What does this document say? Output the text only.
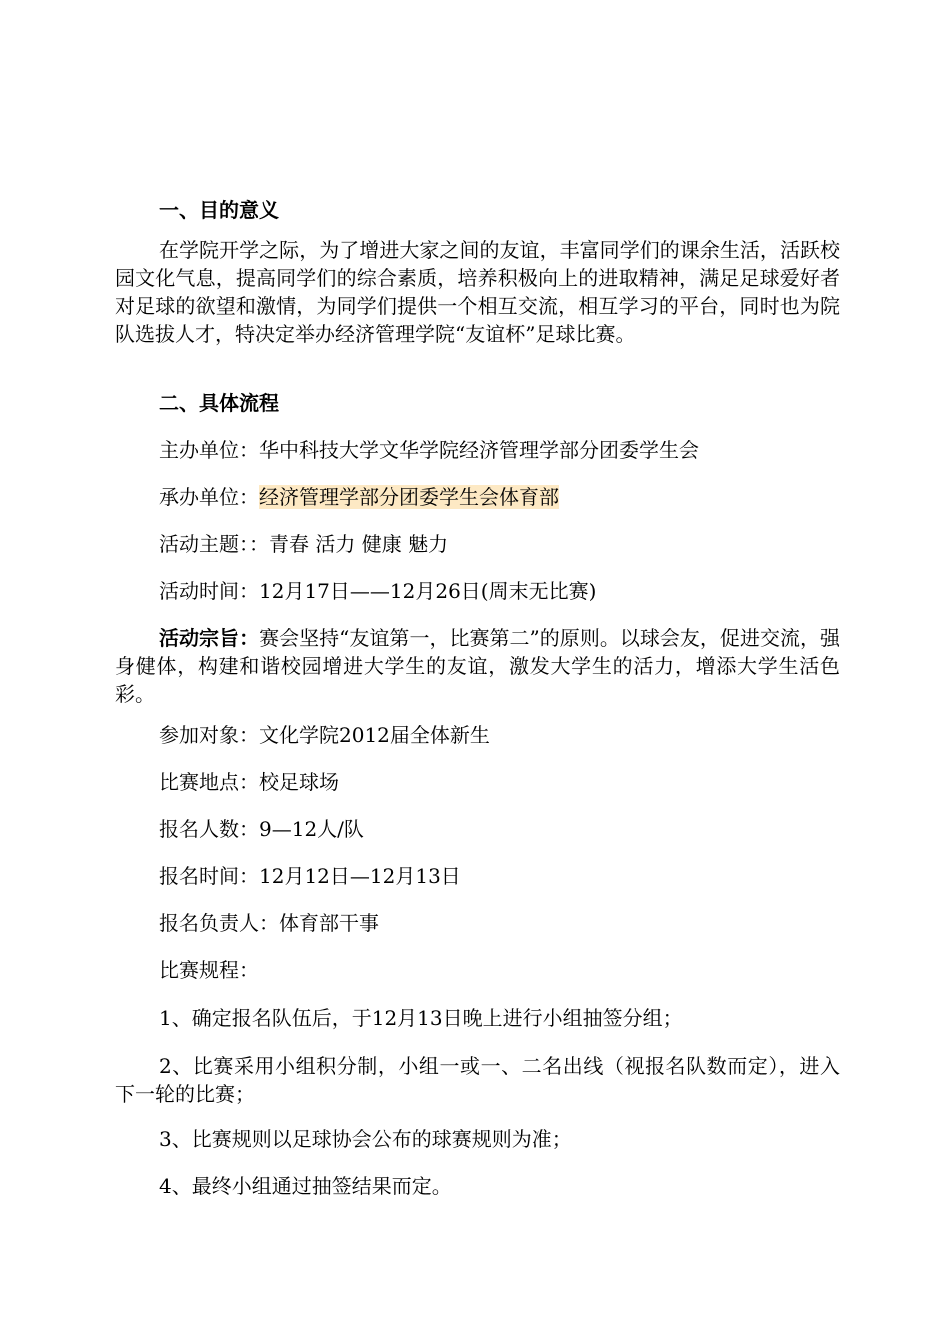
一、目的意义

在学院开学之际，为了增进大家之间的友谊，丰富同学们的课余生活，活跃校园文化气息，提高同学们的综合素质，培养积极向上的进取精神，满足足球爱好者对足球的欲望和激情，为同学们提供一个相互交流，相互学习的平台，同时也为院队选拔人才，特决定举办经济管理学院“友谊杯”足球比赛。

二、具体流程

主办单位：华中科技大学文华学院经济管理学部分团委学生会

承办单位：经济管理学部分团委学生会体育部

活动主题：：青春 活力 健康 魅力

活动时间：12月17日——12月26日(周末无比赛)

活动宗旨：赛会坚持“友谊第一，比赛第二”的原则。以球会友，促进交流，强身健体，构建和谐校园增进大学生的友谊，激发大学生的活力，增添大学生活色彩。

参加对象：文化学院2012届全体新生

比赛地点：校足球场

报名人数：9—12人/队

报名时间：12月12日—12月13日

报名负责人：体育部干事

比赛规程：

1、确定报名队伍后，于12月13日晚上进行小组抽签分组；

2、比赛采用小组积分制，小组一或一、二名出线（视报名队数而定），进入下一轮的比赛；

3、比赛规则以足球协会公布的球赛规则为准；

4、最终小组通过抽签结果而定。
